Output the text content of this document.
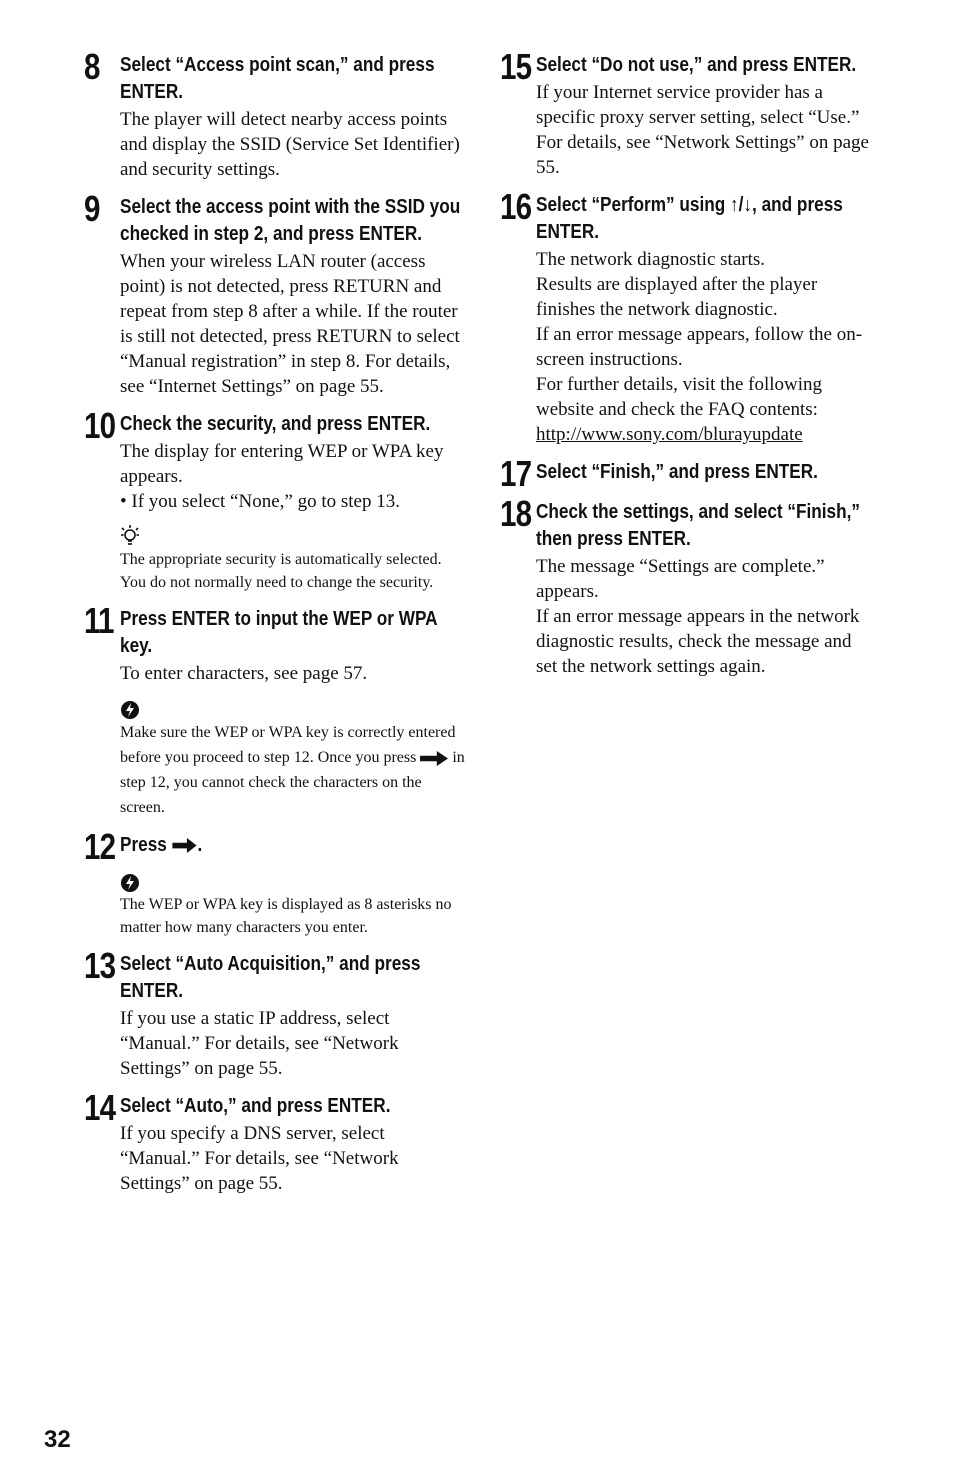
8 Select “Access point scan,” and press ENTER.
The player will detect nearby access points and display the SSID (Service Set Identifier) and security settings.
9 Select the access point with the SSID you checked in step 2, and press ENTER.
When your wireless LAN router (access point) is not detected, press RETURN and repeat from step 8 after a while. If the router is still not detected, press RETURN to select “Manual registration” in step 8. For details, see “Internet Settings” on page 55.
10 Check the security, and press ENTER.
The display for entering WEP or WPA key appears.
• If you select “None,” go to step 13.
The appropriate security is automatically selected. You do not normally need to change the security.
11 Press ENTER to input the WEP or WPA key.
To enter characters, see page 57.
Make sure the WEP or WPA key is correctly entered before you proceed to step 12. Once you press in step 12, you cannot check the characters on the screen.
12 Press .
The WEP or WPA key is displayed as 8 asterisks no matter how many characters you enter.
13 Select “Auto Acquisition,” and press ENTER.
If you use a static IP address, select “Manual.” For details, see “Network Settings” on page 55.
14 Select “Auto,” and press ENTER.
If you specify a DNS server, select “Manual.” For details, see “Network Settings” on page 55.
15 Select “Do not use,” and press ENTER.
If your Internet service provider has a specific proxy server setting, select “Use.” For details, see “Network Settings” on page 55.
16 Select “Perform” using ↑/↓, and press ENTER.
The network diagnostic starts.
Results are displayed after the player finishes the network diagnostic.
If an error message appears, follow the on-screen instructions.
For further details, visit the following website and check the FAQ contents:
http://www.sony.com/blurayupdate
17 Select “Finish,” and press ENTER.
18 Check the settings, and select “Finish,” then press ENTER.
The message “Settings are complete.” appears.
If an error message appears in the network diagnostic results, check the message and set the network settings again.
32
